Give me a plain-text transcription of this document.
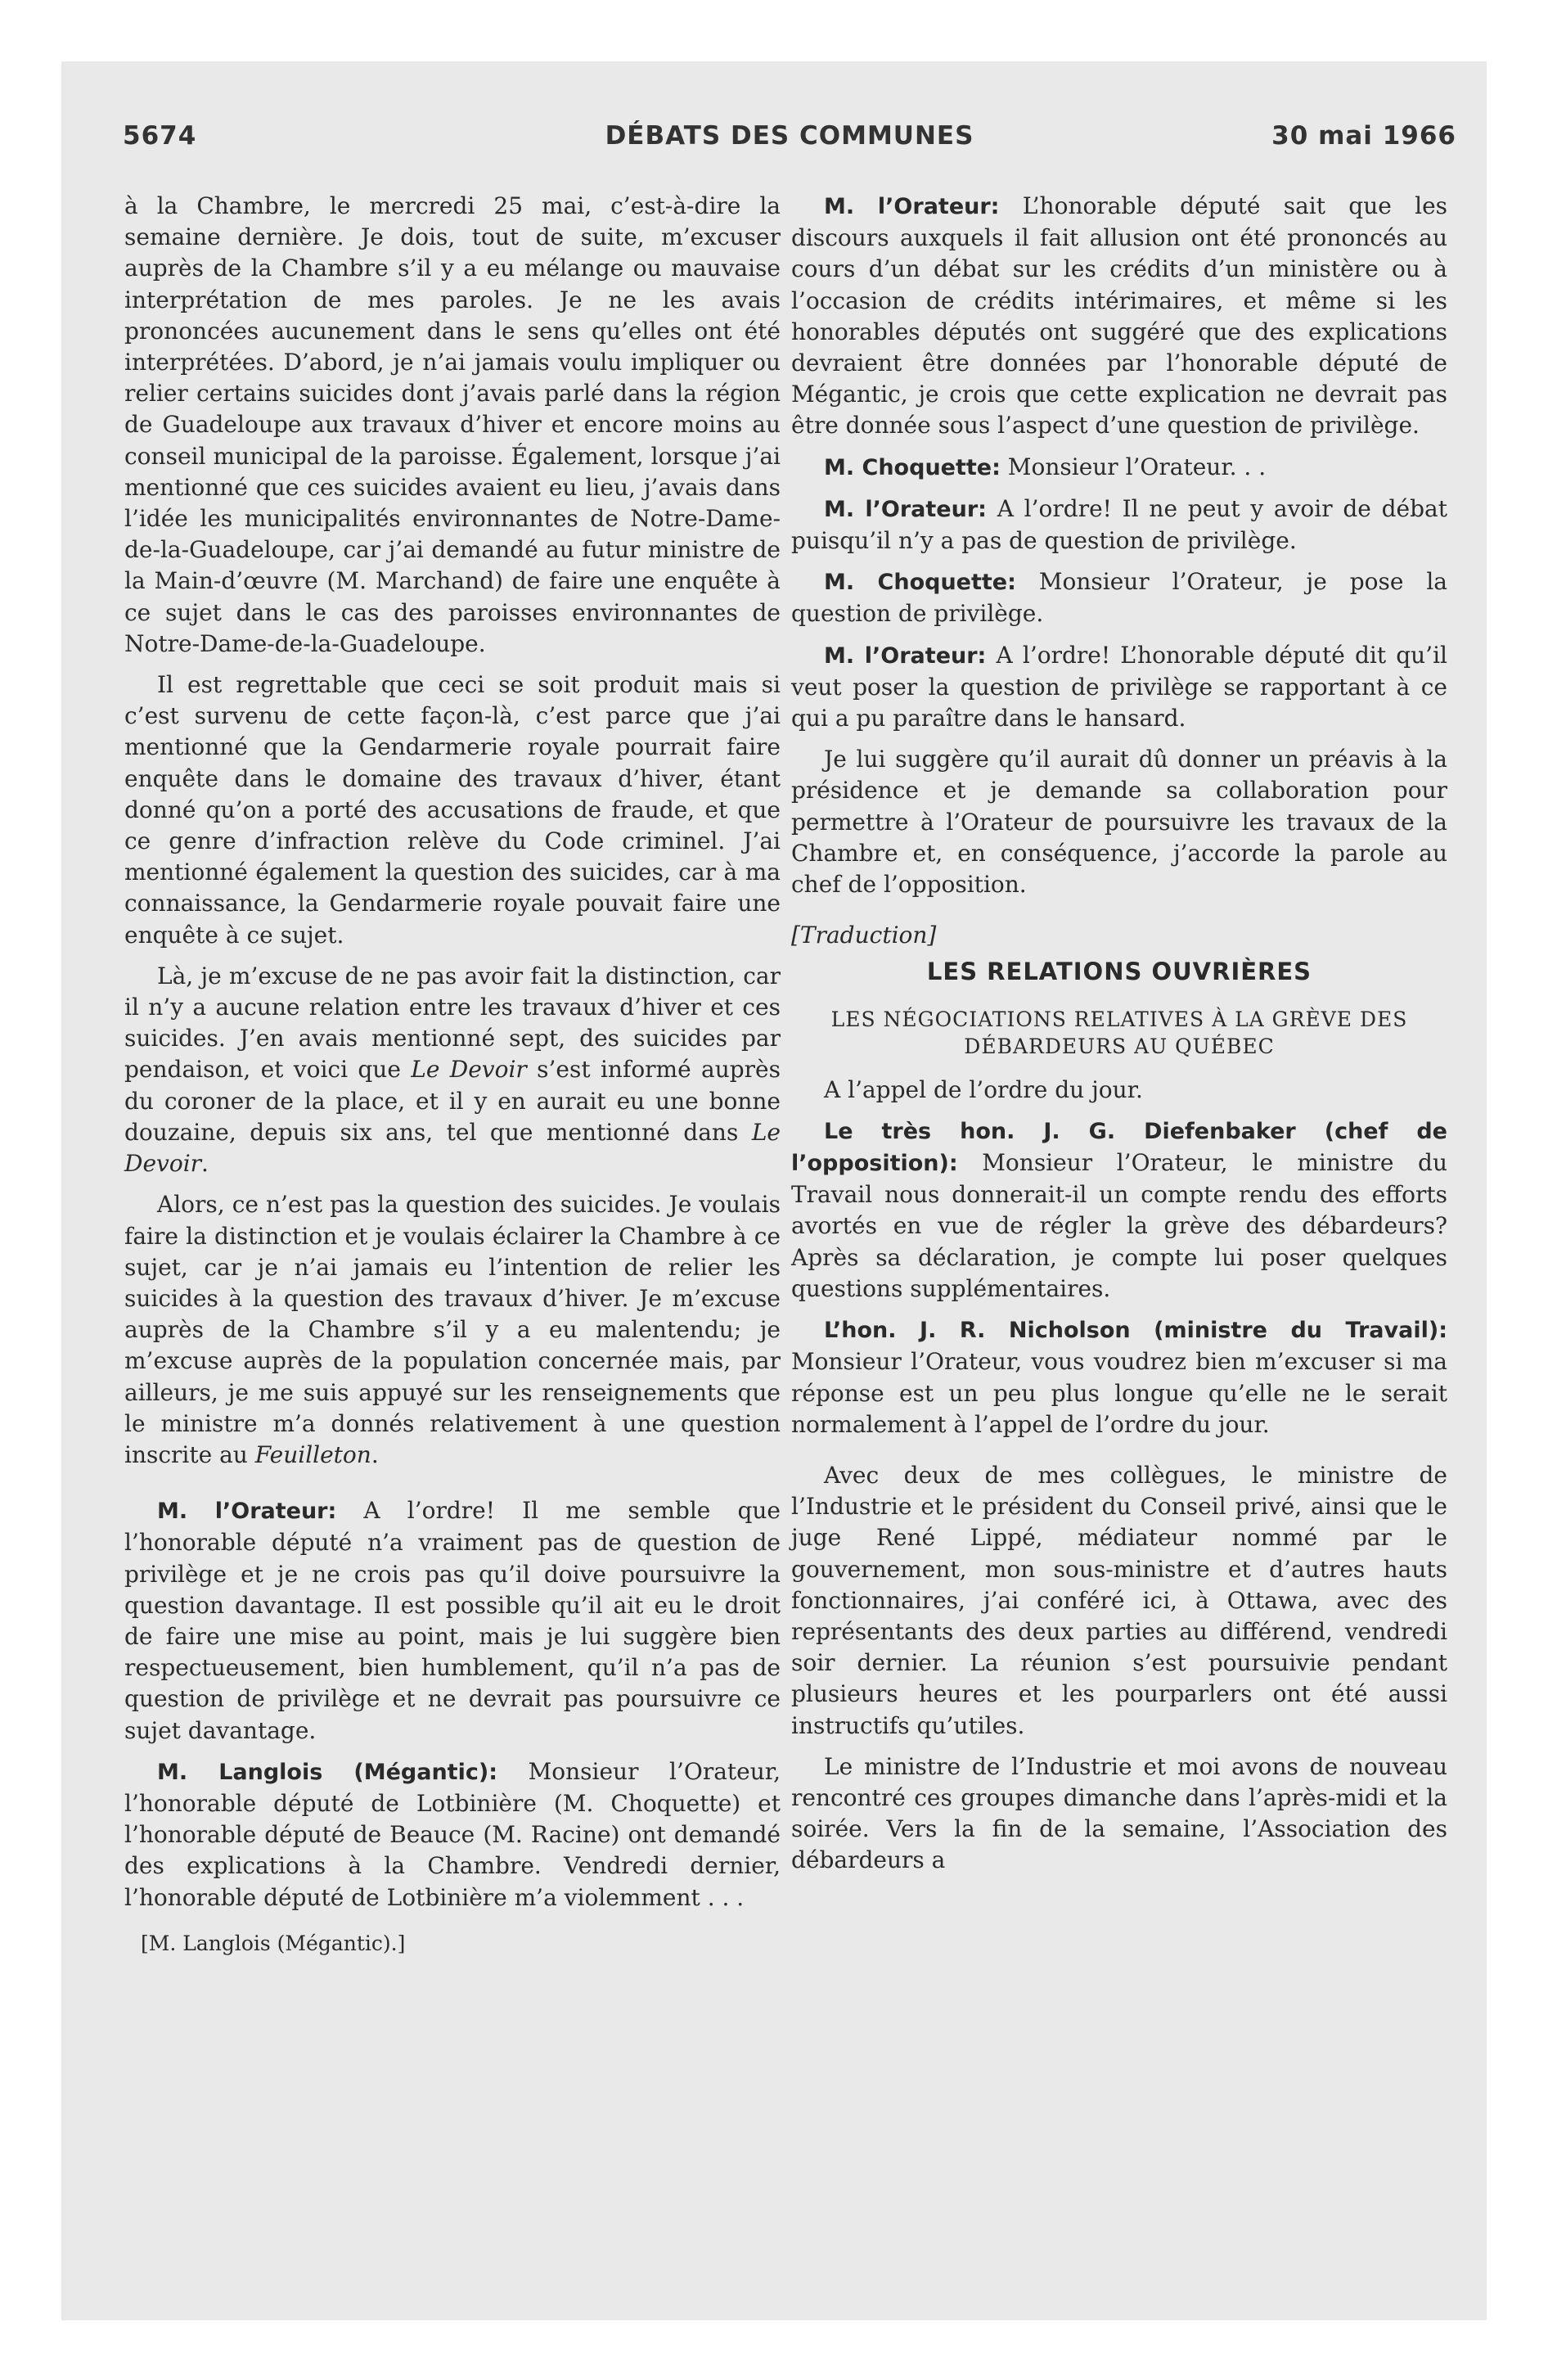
5674	DÉBATS DES COMMUNES	30 mai 1966

à la Chambre, le mercredi 25 mai, c’est-à-dire la semaine dernière. Je dois, tout de suite, m’excuser auprès de la Chambre s’il y a eu mélange ou mauvaise interprétation de mes paroles. Je ne les avais prononcées aucunement dans le sens qu’elles ont été interprétées. D’abord, je n’ai jamais voulu impliquer ou relier certains suicides dont j’avais parlé dans la région de Guadeloupe aux travaux d’hiver et encore moins au conseil municipal de la paroisse. Également, lorsque j’ai mentionné que ces suicides avaient eu lieu, j’avais dans l’idée les municipalités environnantes de Notre-Dame-de-la-Guadeloupe, car j’ai demandé au futur ministre de la Main-d’œuvre (M. Marchand) de faire une enquête à ce sujet dans le cas des paroisses environnantes de Notre-Dame-de-la-Guadeloupe.

Il est regrettable que ceci se soit produit mais si c’est survenu de cette façon-là, c’est parce que j’ai mentionné que la Gendarmerie royale pourrait faire enquête dans le domaine des travaux d’hiver, étant donné qu’on a porté des accusations de fraude, et que ce genre d’infraction relève du Code criminel. J’ai mentionné également la question des suicides, car à ma connaissance, la Gendarmerie royale pouvait faire une enquête à ce sujet.

Là, je m’excuse de ne pas avoir fait la distinction, car il n’y a aucune relation entre les travaux d’hiver et ces suicides. J’en avais mentionné sept, des suicides par pendaison, et voici que Le Devoir s’est informé auprès du coroner de la place, et il y en aurait eu une bonne douzaine, depuis six ans, tel que mentionné dans Le Devoir.

Alors, ce n’est pas la question des suicides. Je voulais faire la distinction et je voulais éclairer la Chambre à ce sujet, car je n’ai jamais eu l’intention de relier les suicides à la question des travaux d’hiver. Je m’excuse auprès de la Chambre s’il y a eu malentendu; je m’excuse auprès de la population concernée mais, par ailleurs, je me suis appuyé sur les renseignements que le ministre m’a donnés relativement à une question inscrite au Feuilleton.

M. l’Orateur: A l’ordre! Il me semble que l’honorable député n’a vraiment pas de question de privilège et je ne crois pas qu’il doive poursuivre la question davantage. Il est possible qu’il ait eu le droit de faire une mise au point, mais je lui suggère bien respectueusement, bien humblement, qu’il n’a pas de question de privilège et ne devrait pas poursuivre ce sujet davantage.

M. Langlois (Mégantic): Monsieur l’Orateur, l’honorable député de Lotbinière (M. Choquette) et l’honorable député de Beauce (M. Racine) ont demandé des explications à la Chambre. Vendredi dernier, l’honorable député de Lotbinière m’a violemment . . .

[M. Langlois (Mégantic).]

M. l’Orateur: L’honorable député sait que les discours auxquels il fait allusion ont été prononcés au cours d’un débat sur les crédits d’un ministère ou à l’occasion de crédits intérimaires, et même si les honorables députés ont suggéré que des explications devraient être données par l’honorable député de Mégantic, je crois que cette explication ne devrait pas être donnée sous l’aspect d’une question de privilège.

M. Choquette: Monsieur l’Orateur. . .

M. l’Orateur: A l’ordre! Il ne peut y avoir de débat puisqu’il n’y a pas de question de privilège.

M. Choquette: Monsieur l’Orateur, je pose la question de privilège.

M. l’Orateur: A l’ordre! L’honorable député dit qu’il veut poser la question de privilège se rapportant à ce qui a pu paraître dans le hansard.

Je lui suggère qu’il aurait dû donner un préavis à la présidence et je demande sa collaboration pour permettre à l’Orateur de poursuivre les travaux de la Chambre et, en conséquence, j’accorde la parole au chef de l’opposition.

[Traduction]

LES RELATIONS OUVRIÈRES

LES NÉGOCIATIONS RELATIVES À LA GRÈVE DES DÉBARDEURS AU QUÉBEC

A l’appel de l’ordre du jour.

Le très hon. J. G. Diefenbaker (chef de l’opposition): Monsieur l’Orateur, le ministre du Travail nous donnerait-il un compte rendu des efforts avortés en vue de régler la grève des débardeurs? Après sa déclaration, je compte lui poser quelques questions supplémentaires.

L’hon. J. R. Nicholson (ministre du Travail): Monsieur l’Orateur, vous voudrez bien m’excuser si ma réponse est un peu plus longue qu’elle ne le serait normalement à l’appel de l’ordre du jour.

Avec deux de mes collègues, le ministre de l’Industrie et le président du Conseil privé, ainsi que le juge René Lippé, médiateur nommé par le gouvernement, mon sous-ministre et d’autres hauts fonctionnaires, j’ai conféré ici, à Ottawa, avec des représentants des deux parties au différend, vendredi soir dernier. La réunion s’est poursuivie pendant plusieurs heures et les pourparlers ont été aussi instructifs qu’utiles.

Le ministre de l’Industrie et moi avons de nouveau rencontré ces groupes dimanche dans l’après-midi et la soirée. Vers la fin de la semaine, l’Association des débardeurs a
